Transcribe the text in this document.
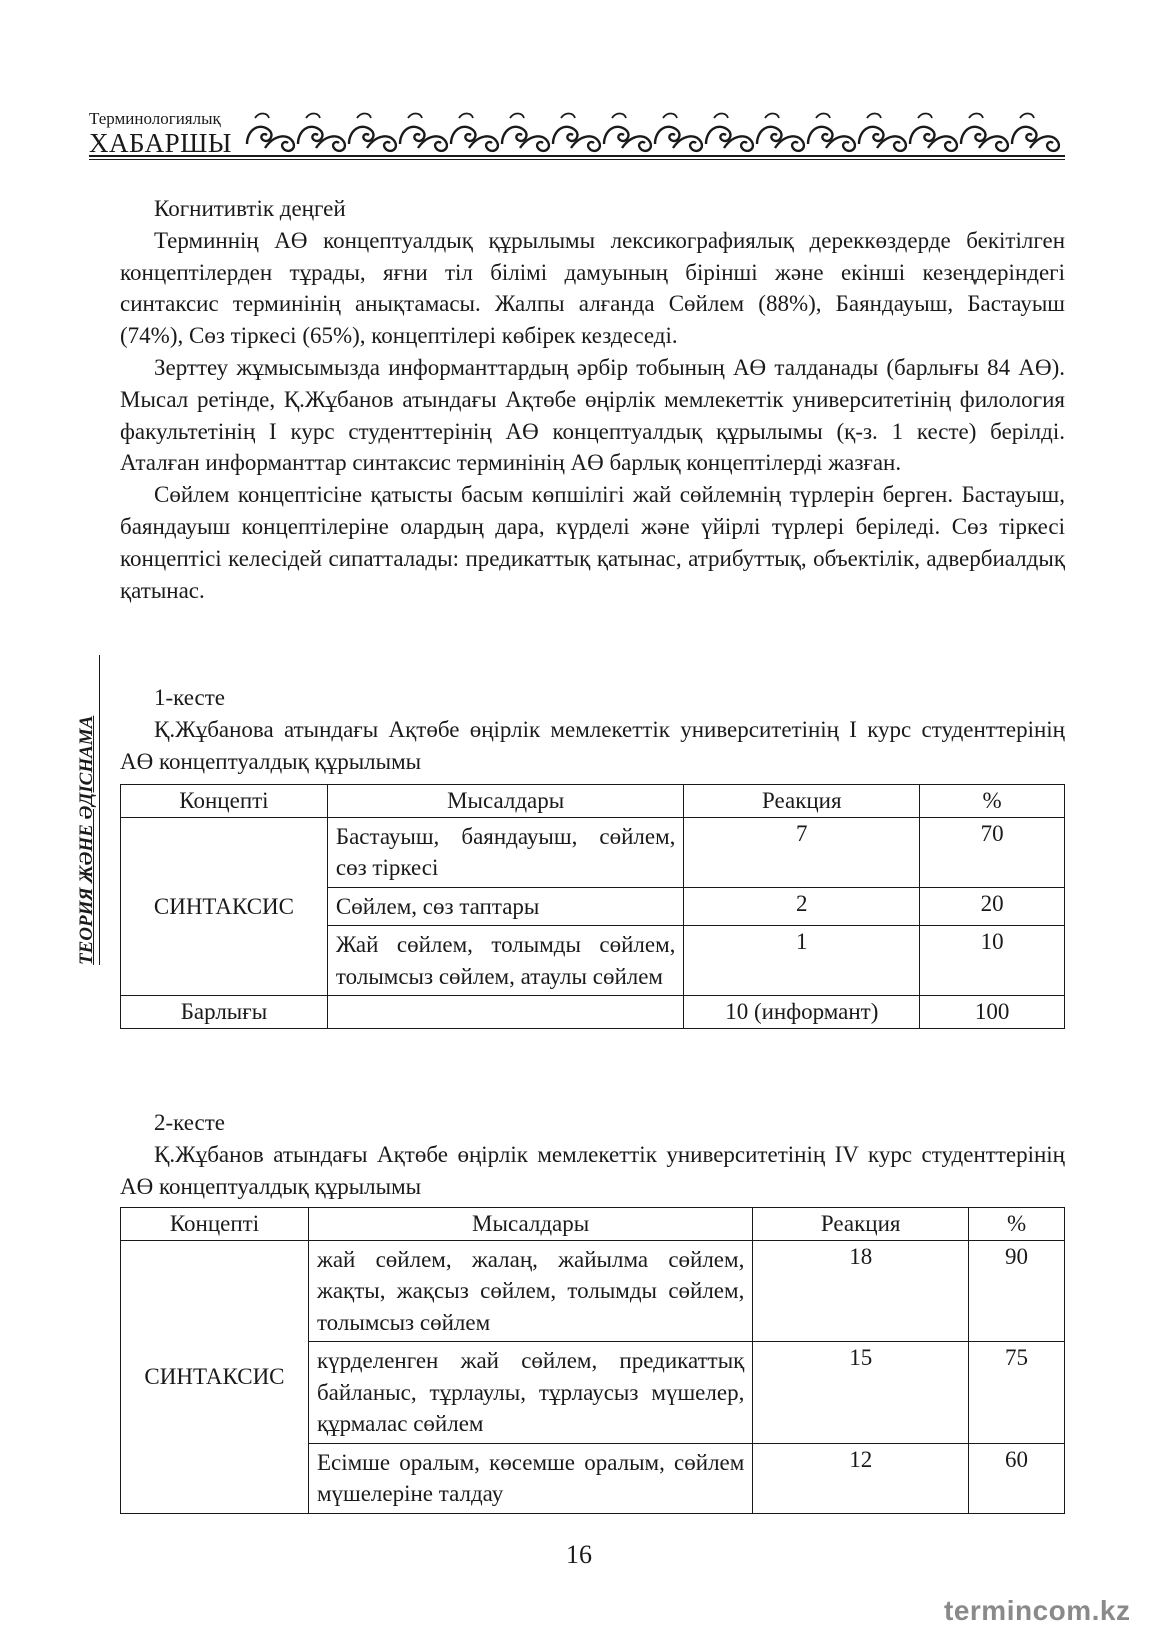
Терминологиялық
ХАБАРШЫ
ТЕОРИЯ ЖӘНЕ ӘДІСНАМА

Когнитивтік деңгей

Терминнің АӨ концептуалдық құрылымы лексикографиялық дереккөздерде бекітілген концептілерден тұрады, яғни тіл білімі дамуының бірінші және екінші кезеңдеріндегі синтаксис терминінің анықтамасы. Жалпы алғанда Сөйлем (88%), Баяндауыш, Бастауыш (74%), Сөз тіркесі (65%), концептілері көбірек кездеседі.

Зерттеу жұмысымызда информанттардың әрбір тобының АӨ талданады (барлығы 84 АӨ). Мысал ретінде, Қ.Жұбанов атындағы Ақтөбе өңірлік мемлекеттік университетінің филология факультетінің I курс студенттерінің АӨ концептуалдық құрылымы (қ-з. 1 кесте) берілді. Аталған информанттар синтаксис терминінің АӨ барлық концептілерді жазған.

Сөйлем концептісіне қатысты басым көпшілігі жай сөйлемнің түрлерін берген. Бастауыш, баяндауыш концептілеріне олардың дара, күрделі және үйірлі түрлері беріледі. Сөз тіркесі концептісі келесідей сипатталады: предикаттық қатынас, атрибуттық, объектілік, адвербиалдық қатынас.

1-кесте

Қ.Жұбанова атындағы Ақтөбе өңірлік мемлекеттік университетінің I курс студенттерінің АӨ концептуалдық құрылымы

Концепті	Мысалдары	Реакция	%
СИНТАКСИС	Бастауыш, баяндауыш, сөйлем, сөз тіркесі	7	70
	Сөйлем, сөз таптары	2	20
	Жай сөйлем, толымды сөйлем, толымсыз сөйлем, атаулы сөйлем	1	10
Барлығы		10 (информант)	100

2-кесте

Қ.Жұбанов атындағы Ақтөбе өңірлік мемлекеттік университетінің IV курс студенттерінің АӨ концептуалдық құрылымы

Концепті	Мысалдары	Реакция	%
СИНТАКСИС	жай сөйлем, жалаң, жайылма сөйлем, жақты, жақсыз сөйлем, толымды сөйлем, толымсыз сөйлем	18	90
	күрделенген жай сөйлем, предикаттық байланыс, тұрлаулы, тұрлаусыз мүшелер, құрмалас сөйлем	15	75
	Есімше оралым, көсемше оралым, сөйлем мүшелеріне талдау	12	60
16
termincom.kz
